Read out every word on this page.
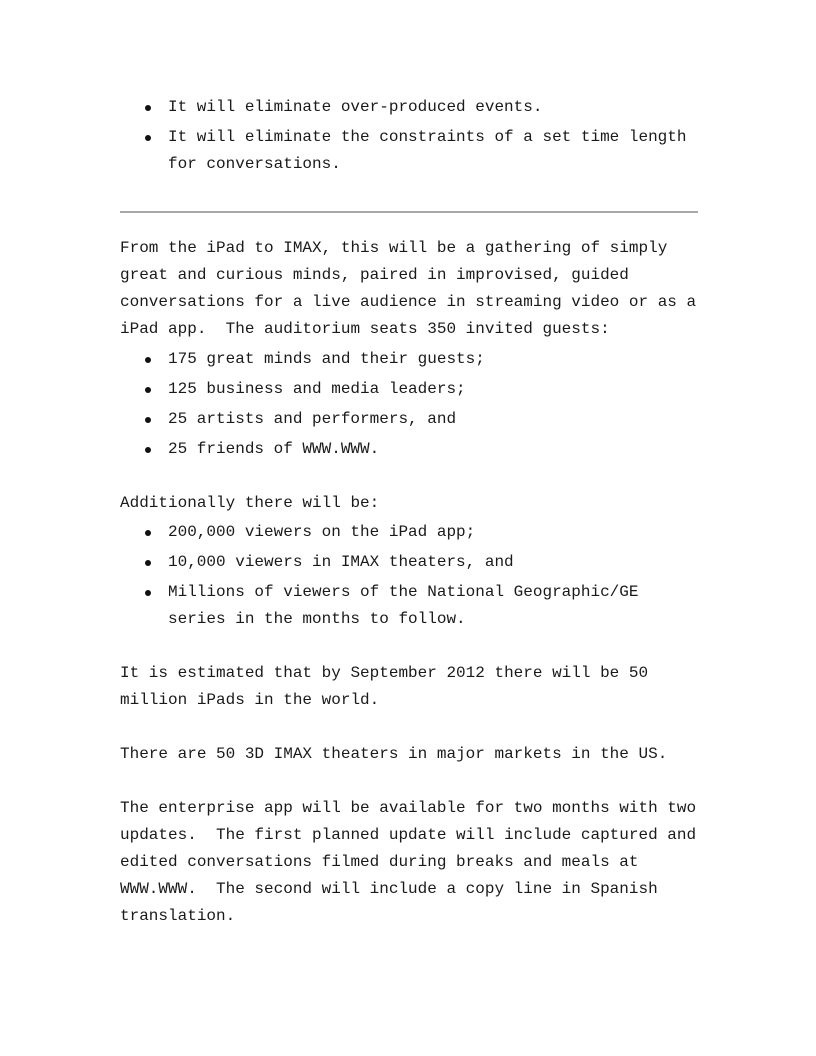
It will eliminate over-produced events.
It will eliminate the constraints of a set time length for conversations.

From the iPad to IMAX, this will be a gathering of simply great and curious minds, paired in improvised, guided conversations for a live audience in streaming video or as a iPad app.  The auditorium seats 350 invited guests:

175 great minds and their guests;
125 business and media leaders;
25 artists and performers, and
25 friends of WWW.WWW.

Additionally there will be:

200,000 viewers on the iPad app;
10,000 viewers in IMAX theaters, and
Millions of viewers of the National Geographic/GE series in the months to follow.

It is estimated that by September 2012 there will be 50 million iPads in the world.

There are 50 3D IMAX theaters in major markets in the US.

The enterprise app will be available for two months with two updates.  The first planned update will include captured and edited conversations filmed during breaks and meals at WWW.WWW.  The second will include a copy line in Spanish translation.
